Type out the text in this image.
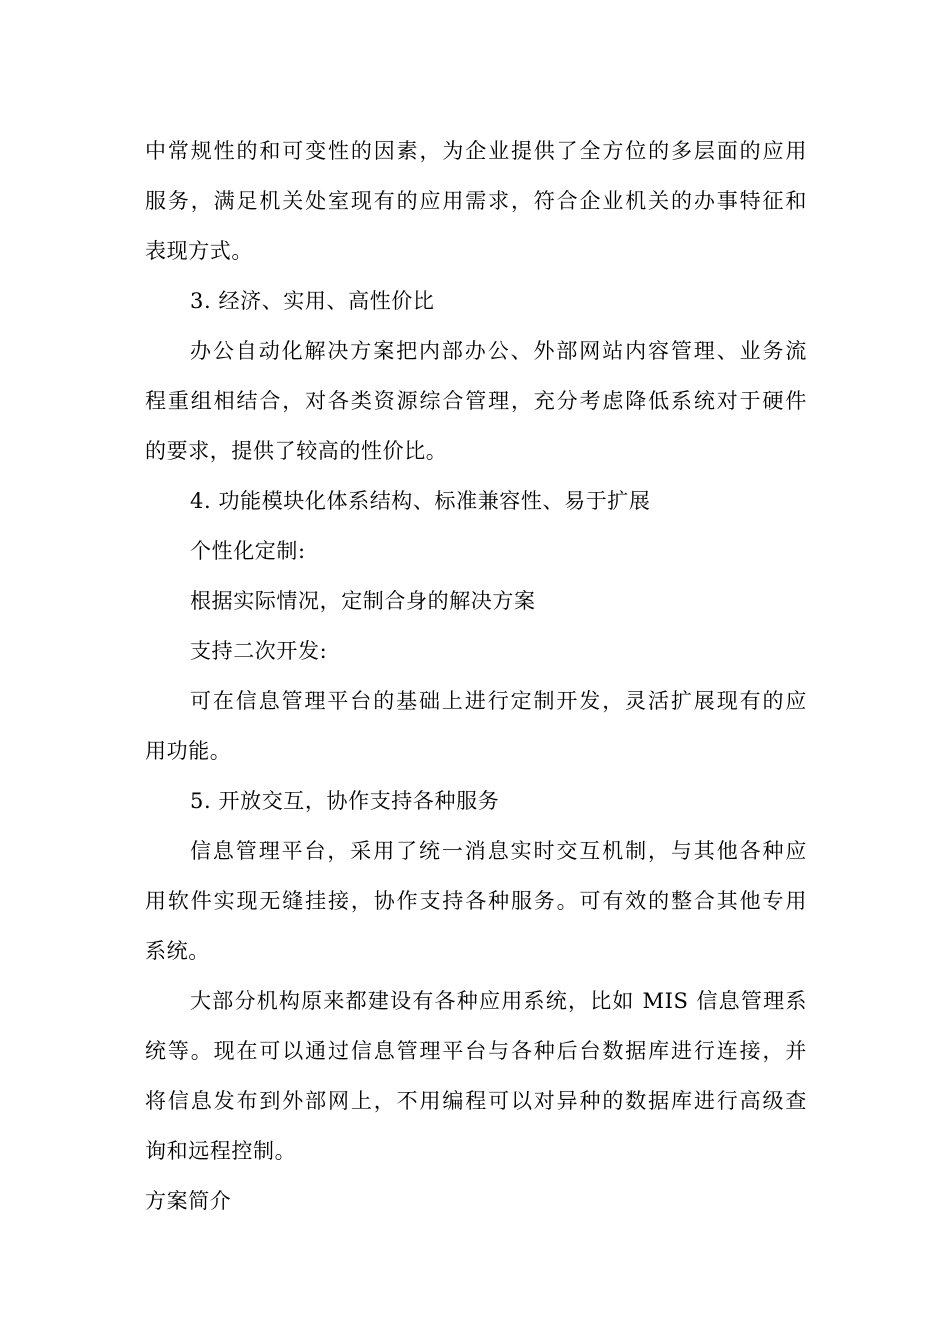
中常规性的和可变性的因素，为企业提供了全方位的多层面的应用
服务，满足机关处室现有的应用需求，符合企业机关的办事特征和
表现方式。
3. 经济、实用、高性价比
办公自动化解决方案把内部办公、外部网站内容管理、业务流
程重组相结合，对各类资源综合管理，充分考虑降低系统对于硬件
的要求，提供了较高的性价比。
4. 功能模块化体系结构、标准兼容性、易于扩展
个性化定制:
根据实际情况，定制合身的解决方案
支持二次开发:
可在信息管理平台的基础上进行定制开发，灵活扩展现有的应
用功能。
5. 开放交互，协作支持各种服务
信息管理平台，采用了统一消息实时交互机制，与其他各种应
用软件实现无缝挂接，协作支持各种服务。可有效的整合其他专用
系统。
大部分机构原来都建设有各种应用系统，比如 MIS 信息管理系
统等。现在可以通过信息管理平台与各种后台数据库进行连接，并
将信息发布到外部网上，不用编程可以对异种的数据库进行高级查
询和远程控制。
方案简介
